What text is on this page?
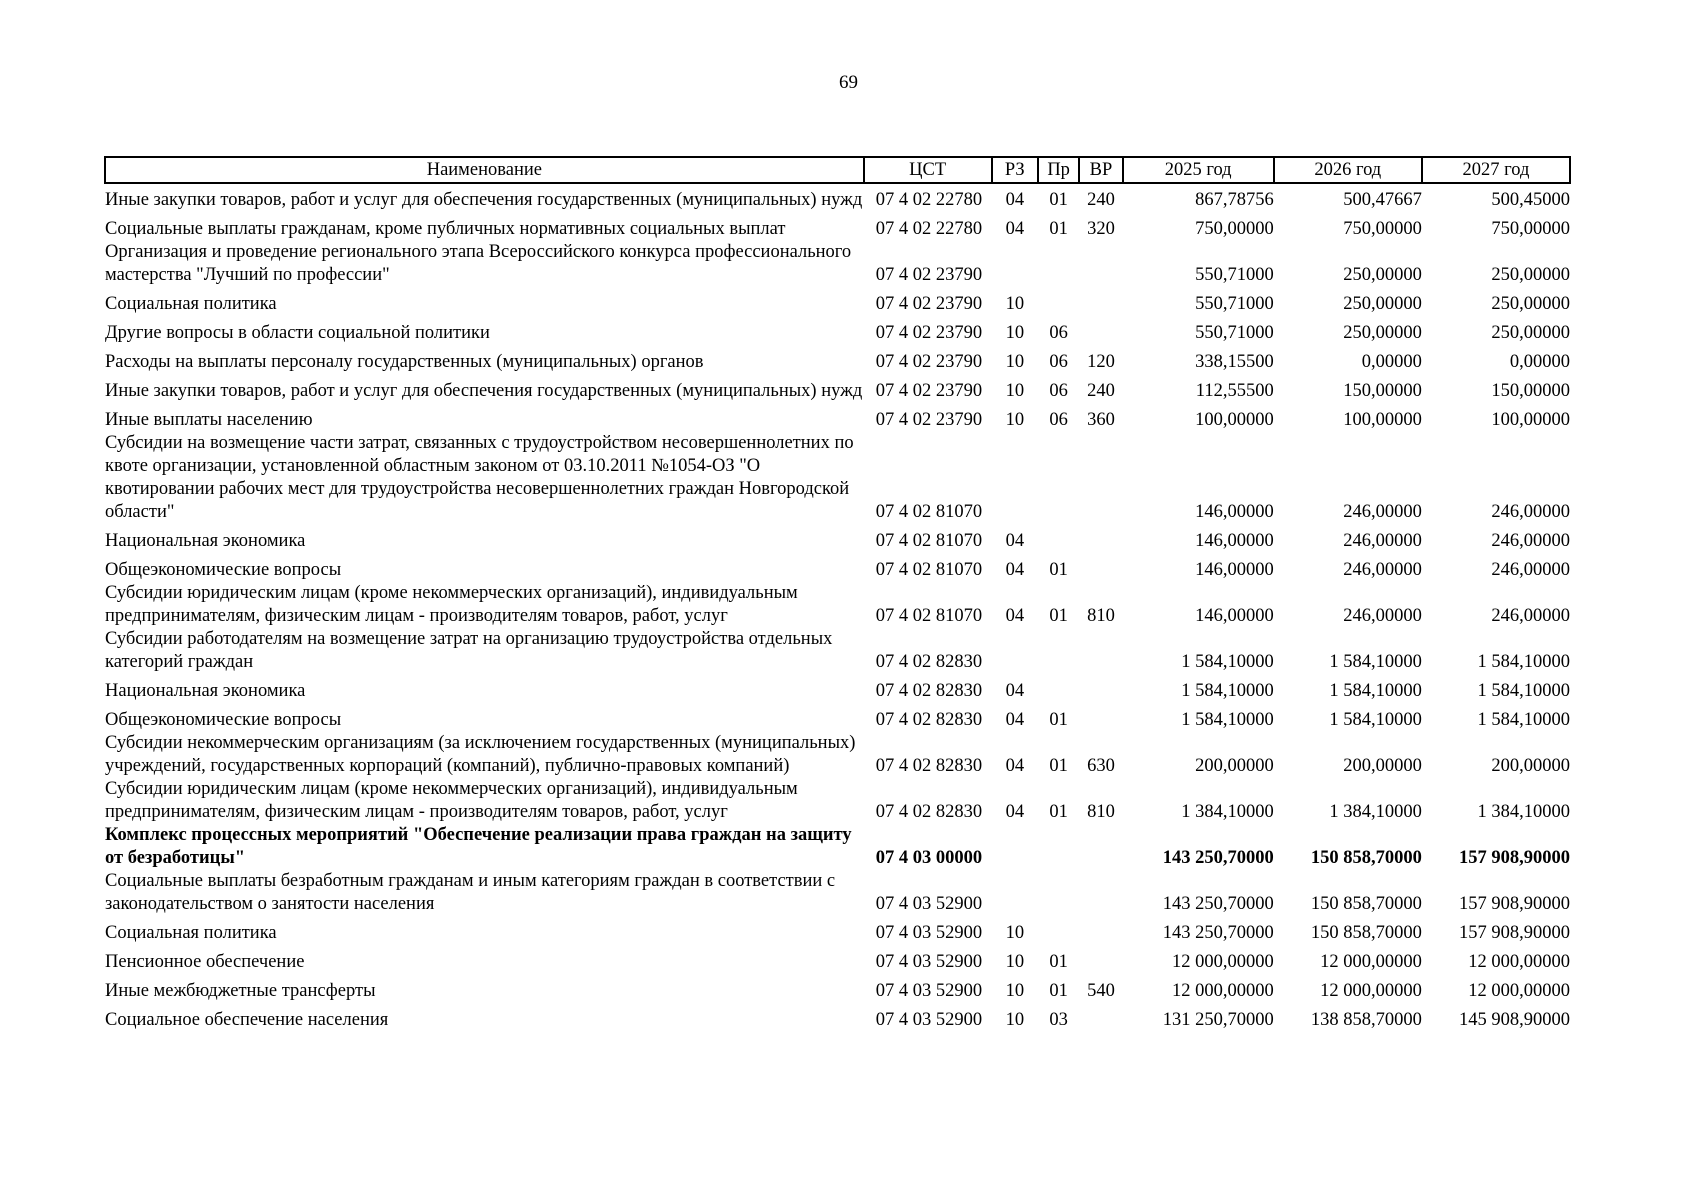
69
Наименование	ЦСТ	РЗ	Пр	ВР	2025 год	2026 год	2027 год
Иные закупки товаров, работ и услуг для обеспечения государственных (муниципальных) нужд	07 4 02 22780	04	01	240	867,78756	500,47667	500,45000
Социальные выплаты гражданам, кроме публичных нормативных социальных выплат	07 4 02 22780	04	01	320	750,00000	750,00000	750,00000
Организация и проведение регионального этапа Всероссийского конкурса профессионального мастерства "Лучший по профессии"	07 4 02 23790				550,71000	250,00000	250,00000
Социальная политика	07 4 02 23790	10			550,71000	250,00000	250,00000
Другие вопросы в области социальной политики	07 4 02 23790	10	06		550,71000	250,00000	250,00000
Расходы на выплаты персоналу государственных (муниципальных) органов	07 4 02 23790	10	06	120	338,15500	0,00000	0,00000
Иные закупки товаров, работ и услуг для обеспечения государственных (муниципальных) нужд	07 4 02 23790	10	06	240	112,55500	150,00000	150,00000
Иные выплаты населению	07 4 02 23790	10	06	360	100,00000	100,00000	100,00000
Субсидии на возмещение части затрат, связанных с трудоустройством несовершеннолетних по квоте организации, установленной областным законом от 03.10.2011 №1054-ОЗ "О квотировании рабочих мест для трудоустройства несовершеннолетних граждан Новгородской области"	07 4 02 81070				146,00000	246,00000	246,00000
Национальная экономика	07 4 02 81070	04			146,00000	246,00000	246,00000
Общеэкономические вопросы	07 4 02 81070	04	01		146,00000	246,00000	246,00000
Субсидии юридическим лицам (кроме некоммерческих организаций), индивидуальным предпринимателям, физическим лицам - производителям товаров, работ, услуг	07 4 02 81070	04	01	810	146,00000	246,00000	246,00000
Субсидии работодателям на возмещение затрат на организацию трудоустройства отдельных категорий граждан	07 4 02 82830				1 584,10000	1 584,10000	1 584,10000
Национальная экономика	07 4 02 82830	04			1 584,10000	1 584,10000	1 584,10000
Общеэкономические вопросы	07 4 02 82830	04	01		1 584,10000	1 584,10000	1 584,10000
Субсидии некоммерческим организациям (за исключением государственных (муниципальных) учреждений, государственных корпораций (компаний), публично-правовых компаний)	07 4 02 82830	04	01	630	200,00000	200,00000	200,00000
Субсидии юридическим лицам (кроме некоммерческих организаций), индивидуальным предпринимателям, физическим лицам - производителям товаров, работ, услуг	07 4 02 82830	04	01	810	1 384,10000	1 384,10000	1 384,10000
Комплекс процессных мероприятий "Обеспечение реализации права граждан на защиту от безработицы"	07 4 03 00000				143 250,70000	150 858,70000	157 908,90000
Социальные выплаты безработным гражданам и иным категориям граждан в соответствии с законодательством о занятости населения	07 4 03 52900				143 250,70000	150 858,70000	157 908,90000
Социальная политика	07 4 03 52900	10			143 250,70000	150 858,70000	157 908,90000
Пенсионное обеспечение	07 4 03 52900	10	01		12 000,00000	12 000,00000	12 000,00000
Иные межбюджетные трансферты	07 4 03 52900	10	01	540	12 000,00000	12 000,00000	12 000,00000
Социальное обеспечение населения	07 4 03 52900	10	03		131 250,70000	138 858,70000	145 908,90000
